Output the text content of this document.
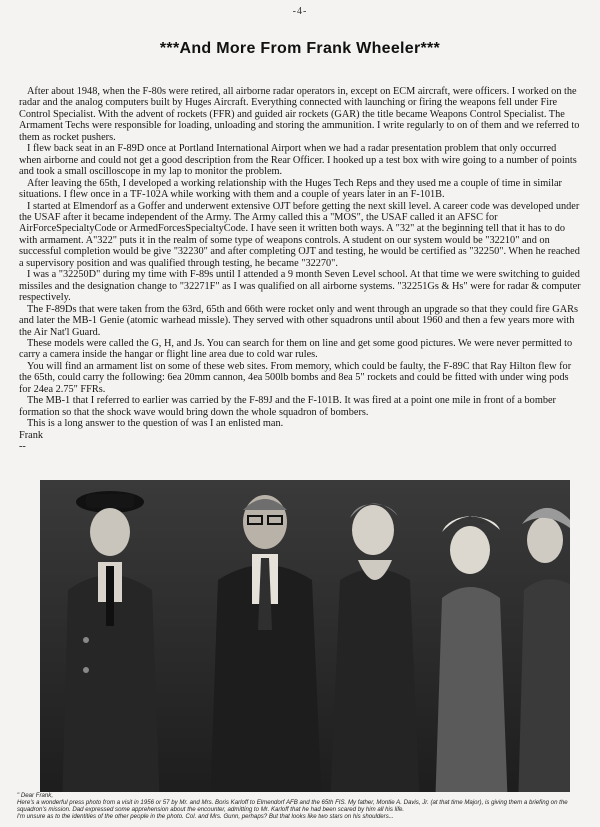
-4-
***And More From Frank Wheeler***

After about 1948, when the F-80s were retired, all airborne radar operators in, except on ECM aircraft, were officers. I worked on the radar and the analog computers built by Huges Aircraft. Everything connected with launching or firing the weapons fell under Fire Control Specialist. With the advent of rockets (FFR) and guided air rockets (GAR) the title became Weapons Control Specialist. The Armament Techs were responsible for loading, unloading and storing the ammunition. I write regularly to on of them and we referred to them as rocket pushers.

I flew back seat in an F-89D once at Portland International Airport when we had a radar presentation problem that only occurred when airborne and could not get a good description from the Rear Officer. I hooked up a test box with wire going to a number of points and took a small oscilloscope in my lap to monitor the problem.

After leaving the 65th, I developed a working relationship with the Huges Tech Reps and they used me a couple of time in similar situations. I flew once in a TF-102A while working with them and a couple of years later in an F-101B.

I started at Elmendorf as a Goffer and underwent extensive OJT before getting the next skill level. A career code was developed under the USAF after it became independent of the Army. The Army called this a "MOS", the USAF called it an AFSC for AirForceSpecialtyCode or ArmedForcesSpecialtyCode. I have seen it written both ways. A "32" at the beginning tell that it has to do with armament. A"322" puts it in the realm of some type of weapons controls. A student on our system would be "32210" and on successful completion would be give "32230" and after completing OJT and testing, he would be certified as "32250". When he reached a supervisory position and was qualified through testing, he became "32270".

I was a "32250D" during my time with F-89s until I attended a 9 month Seven Level school. At that time we were switching to guided missiles and the designation change to "32271F" as I was qualified on all airborne systems. "32251Gs & Hs" were for radar & computer respectively.

The F-89Ds that were taken from the 63rd, 65th and 66th were rocket only and went through an upgrade so that they could fire GARs and later the MB-1 Genie (atomic warhead missle). They served with other squadrons until about 1960 and then a few years more with the Air Nat'l Guard.

These models were called the G, H, and Js. You can search for them on line and get some good pictures. We were never permitted to carry a camera inside the hangar or flight line area due to cold war rules.

You will find an armament list on some of these web sites. From memory, which could be faulty, the F-89C that Ray Hilton flew for the 65th, could carry the following: 6ea 20mm cannon, 4ea 500lb bombs and 8ea 5" rockets and could be fitted with under wing pods for 24ea 2.75" FFRs.

The MB-1 that I referred to earlier was carried by the F-89J and the F-101B. It was fired at a point one mile in front of a bomber formation so that the shock wave would bring down the whole squadron of bombers.

This is a long answer to the question of was I an enlisted man.

Frank

--

" Dear Frank,

Here's a wonderful press photo from a visit in 1956 or 57 by Mr. and Mrs. Boris Karloff to Elmendorf AFB and the 65th FIS. My father, Montie A. Davis, Jr. (at that time Major), is giving them a briefing on the squadron's mission. Dad expressed some apprehension about the encounter, admitting to Mr. Karloff that he had been scared by him all his life.

I'm unsure as to the identities of the other people in the photo. Col. and Mrs. Gunn, perhaps? But that looks like two stars on his shoulders...
